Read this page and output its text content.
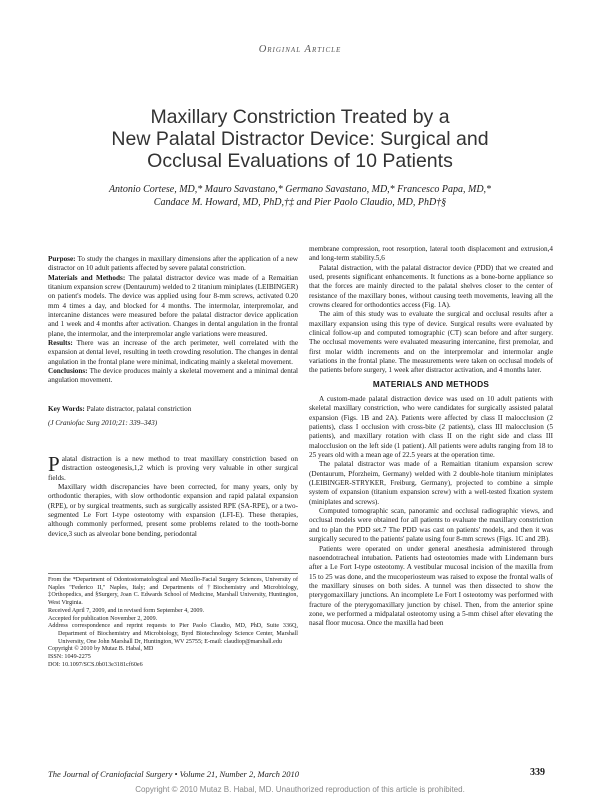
Original Article
Maxillary Constriction Treated by a
New Palatal Distractor Device: Surgical and
Occlusal Evaluations of 10 Patients
Antonio Cortese, MD,* Mauro Savastano,* Germano Savastano, MD,* Francesco Papa, MD,*
Candace M. Howard, MD, PhD,†‡ and Pier Paolo Claudio, MD, PhD†§

Purpose: To study the changes in maxillary dimensions after the application of a new distractor on 10 adult patients affected by severe palatal constriction.

Materials and Methods: The palatal distractor device was made of a Remaitian titanium expansion screw (Dentaurum) welded to 2 titanium miniplates (LEIBINGER) on patient's models. The device was applied using four 8-mm screws, activated 0.20 mm 4 times a day, and blocked for 4 months. The intermolar, interpremolar, and intercanine distances were measured before the palatal distractor device application and 1 week and 4 months after activation. Changes in dental angulation in the frontal plane, the intermolar, and the interpremolar angle variations were measured.

Results: There was an increase of the arch perimeter, well correlated with the expansion at dental level, resulting in teeth crowding resolution. The changes in dental angulation in the frontal plane were minimal, indicating mainly a skeletal movement.

Conclusions: The device produces mainly a skeletal movement and a minimal dental angulation movement.

Key Words: Palate distractor, palatal constriction
(J Craniofac Surg 2010;21: 339–343)

Palatal distraction is a new method to treat maxillary constriction based on distraction osteogenesis,1,2 which is proving very valuable in other surgical fields.

Maxillary width discrepancies have been corrected, for many years, only by orthodontic therapies, with slow orthodontic expansion and rapid palatal expansion (RPE), or by surgical treatments, such as surgically assisted RPE (SA-RPE), or a two-segmented Le Fort I-type osteotomy with expansion (LFI-E). These therapies, although commonly performed, present some problems related to the tooth-borne device,3 such as alveolar bone bending, periodontal

From the *Department of Odontostomatological and Maxillo-Facial Surgery Sciences, University of Naples "Federico II," Naples, Italy; and Departments of †Biochemistry and Microbiology, ‡Orthopedics, and §Surgery, Joan C. Edwards School of Medicine, Marshall University, Huntington, West Virginia.

Received April 7, 2009, and in revised form September 4, 2009.

Accepted for publication November 2, 2009.

Address correspondence and reprint requests to Pier Paolo Claudio, MD, PhD, Suite 336Q, Department of Biochemistry and Microbiology, Byrd Biotechnology Science Center, Marshall University, One John Marshall Dr, Huntington, WV 25755; E-mail: claudiop@marshall.edu

Copyright © 2010 by Mutaz B. Habal, MD

ISSN: 1049-2275

DOI: 10.1097/SCS.0b013e3181cf60e6

membrane compression, root resorption, lateral tooth displacement and extrusion,4 and long-term stability.5,6

Palatal distraction, with the palatal distractor device (PDD) that we created and used, presents significant enhancements. It functions as a bone-borne appliance so that the forces are mainly directed to the palatal shelves closer to the center of resistance of the maxillary bones, without causing teeth movements, leaving all the crowns cleared for orthodontics access (Fig. 1A).

The aim of this study was to evaluate the surgical and occlusal results after a maxillary expansion using this type of device. Surgical results were evaluated by clinical follow-up and computed tomographic (CT) scan before and after surgery. The occlusal movements were evaluated measuring intercanine, first premolar, and first molar width increments and on the interpremolar and intermolar angle variations in the frontal plane. The measurements were taken on occlusal models of the patients before surgery, 1 week after distractor activation, and 4 months later.

MATERIALS AND METHODS

A custom-made palatal distraction device was used on 10 adult patients with skeletal maxillary constriction, who were candidates for surgically assisted palatal expansion (Figs. 1B and 2A). Patients were affected by class II malocclusion (2 patients), class I occlusion with cross-bite (2 patients), class III malocclusion (5 patients), and maxillary rotation with class II on the right side and class III malocclusion on the left side (1 patient). All patients were adults ranging from 18 to 25 years old with a mean age of 22.5 years at the operation time.

The palatal distractor was made of a Remaitian titanium expansion screw (Dentaurum, Pforzheim, Germany) welded with 2 double-hole titanium miniplates (LEIBINGER-STRYKER, Freiburg, Germany), projected to combine a simple system of expansion (titanium expansion screw) with a well-tested fixation system (miniplates and screws).

Computed tomographic scan, panoramic and occlusal radiographic views, and occlusal models were obtained for all patients to evaluate the maxillary constriction and to plan the PDD set.7 The PDD was cast on patients' models, and then it was surgically secured to the patients' palate using four 8-mm screws (Figs. 1C and 2B).

Patients were operated on under general anesthesia administered through nasoendotracheal intubation. Patients had osteotomies made with Lindemann burs after a Le Fort I-type osteotomy. A vestibular mucosal incision of the maxilla from 15 to 25 was done, and the mucoperiosteum was raised to expose the frontal walls of the maxillary sinuses on both sides. A tunnel was then dissected to show the pterygomaxillary junctions. An incomplete Le Fort I osteotomy was performed with fracture of the pterygomaxillary junction by chisel. Then, from the anterior spine zone, we performed a midpalatal osteotomy using a 5-mm chisel after elevating the nasal floor mucosa. Once the maxilla had been

The Journal of Craniofacial Surgery • Volume 21, Number 2, March 2010	339
Copyright © 2010 Mutaz B. Habal, MD. Unauthorized reproduction of this article is prohibited.
